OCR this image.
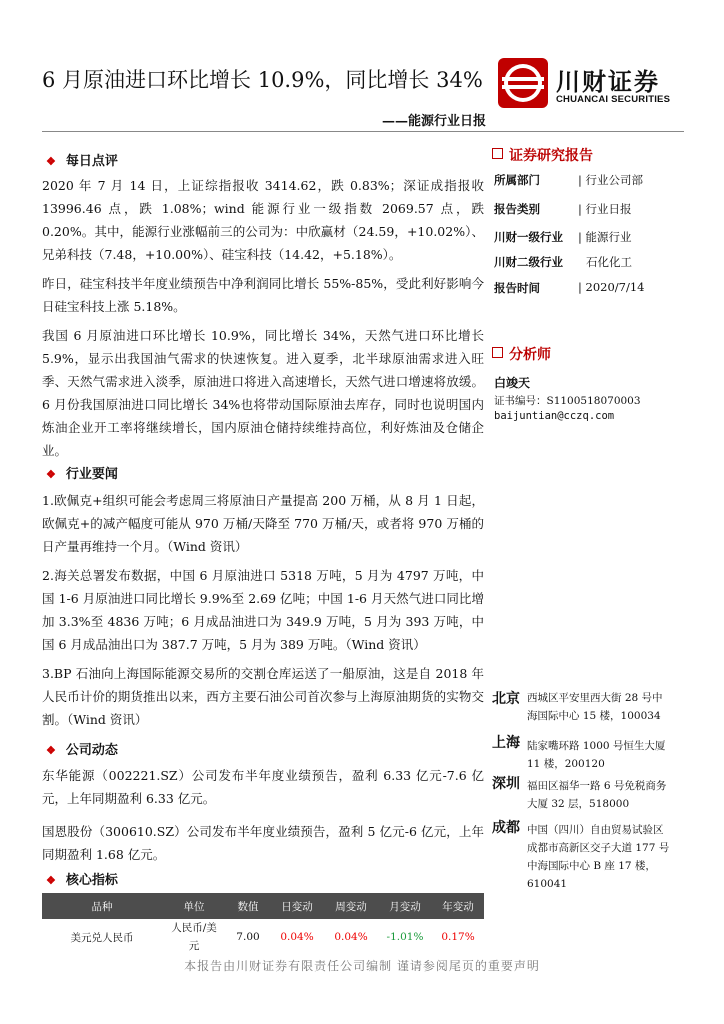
6 月原油进口环比增长 10.9%，同比增长 34%
——能源行业日报
川财证券
CHUANCAI SECURITIES
❖ 每日点评

2020 年 7 月 14 日，上证综指报收 3414.62，跌 0.83%；深证成指报收 13996.46 点，跌 1.08%；wind 能源行业一级指数 2069.57 点，跌 0.20%。其中，能源行业涨幅前三的公司为：中欣赢材（24.59，+10.02%）、兄弟科技（7.48，+10.00%）、硅宝科技（14.42，+5.18%）。

昨日，硅宝科技半年度业绩预告中净利润同比增长 55%-85%，受此利好影响今日硅宝科技上涨 5.18%。

我国 6 月原油进口环比增长 10.9%，同比增长 34%，天然气进口环比增长 5.9%，显示出我国油气需求的快速恢复。进入夏季，北半球原油需求进入旺季、天然气需求进入淡季，原油进口将进入高速增长，天然气进口增速将放缓。6 月份我国原油进口同比增长 34%也将带动国际原油去库存，同时也说明国内炼油企业开工率将继续增长，国内原油仓储持续维持高位，利好炼油及仓储企业。

❖ 行业要闻

1.欧佩克+组织可能会考虑周三将原油日产量提高 200 万桶，从 8 月 1 日起，欧佩克+的减产幅度可能从 970 万桶/天降至 770 万桶/天，或者将 970 万桶的日产量再维持一个月。（Wind 资讯）

2.海关总署发布数据，中国 6 月原油进口 5318 万吨，5 月为 4797 万吨，中国 1-6 月原油进口同比增长 9.9%至 2.69 亿吨；中国 1-6 月天然气进口同比增加 3.3%至 4836 万吨；6 月成品油进口为 349.9 万吨，5 月为 393 万吨，中国 6 月成品油出口为 387.7 万吨，5 月为 389 万吨。（Wind 资讯）

3.BP 石油向上海国际能源交易所的交割仓库运送了一船原油，这是自 2018 年人民币计价的期货推出以来，西方主要石油公司首次参与上海原油期货的实物交割。（Wind 资讯）

❖ 公司动态

东华能源（002221.SZ）公司发布半年度业绩预告，盈利 6.33 亿元-7.6 亿元，上年同期盈利 6.33 亿元。

国恩股份（300610.SZ）公司发布半年度业绩预告，盈利 5 亿元-6 亿元，上年同期盈利 1.68 亿元。

❖ 核心指标
品种	单位	数值	日变动	周变动	月变动	年变动
美元兑人民币	人民币/美
元	7.00	0.04%	0.04%	-1.01%	0.17%
证券研究报告
所属部门	| 行业公司部
报告类别	| 行业日报
川财一级行业 | 能源行业
川财二级行业 石化化工
报告时间	| 2020/7/14
分析师
白竣天
证书编号：S1100518070003
baijuntian@cczq.com
北京 西城区平安里西大街 28 号中
海国际中心 15 楼，100034
上海 陆家嘴环路 1000 号恒生大厦
11 楼，200120
深圳 福田区福华一路 6 号免税商务
大厦 32 层，518000
成都 中国（四川）自由贸易试验区
成都市高新区交子大道 177 号
中海国际中心 B 座 17 楼，
610041
本报告由川财证券有限责任公司编制 谨请参阅尾页的重要声明
